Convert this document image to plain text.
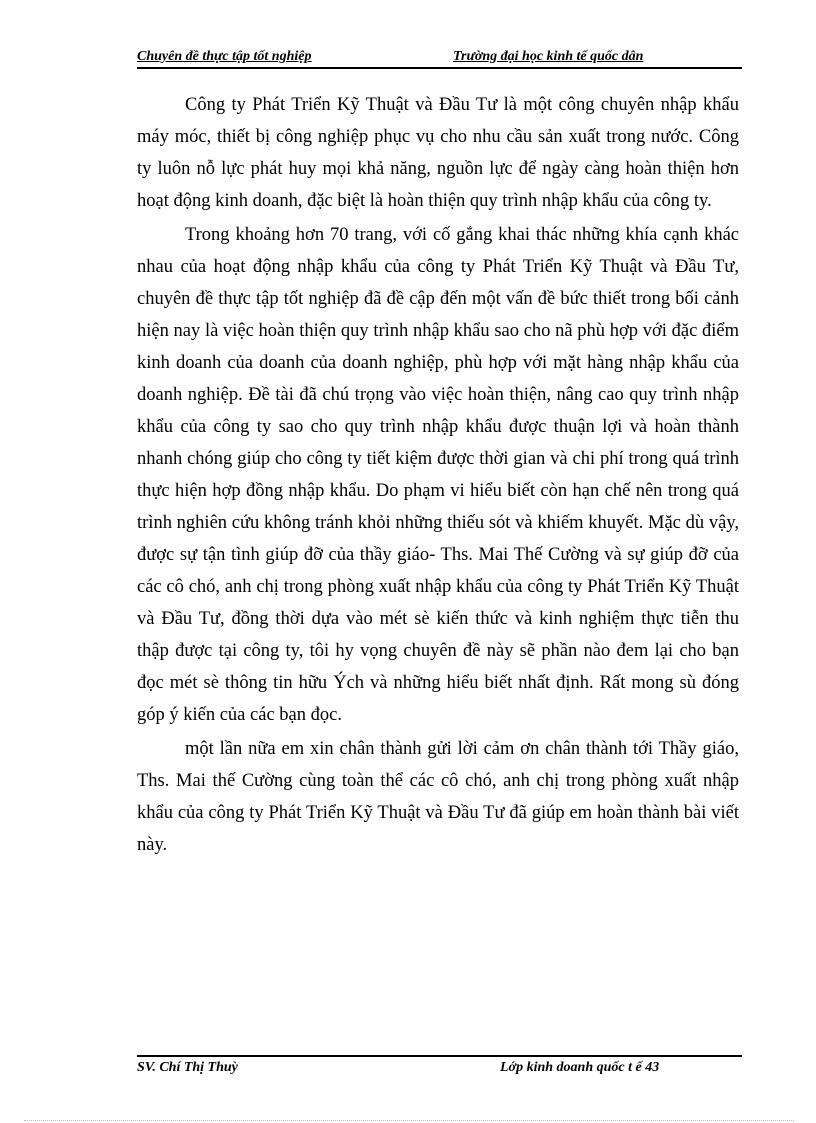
Chuyên đề thực tập tốt nghiệp	Trường đại học kinh tế quốc dân

Công ty Phát Triển Kỹ Thuật và Đầu Tư là một công chuyên nhập khẩu máy móc, thiết bị công nghiệp phục vụ cho nhu cầu sản xuất trong nước. Công ty luôn nỗ lực phát huy mọi khả năng, nguồn lực để ngày càng hoàn thiện hơn hoạt động kinh doanh, đặc biệt là hoàn thiện quy trình nhập khẩu của công ty.

Trong khoảng hơn 70 trang, với cố gắng khai thác những khía cạnh khác nhau của hoạt động nhập khẩu của công ty Phát Triển Kỹ Thuật và Đầu Tư, chuyên đề thực tập tốt nghiệp đã đề cập đến một vấn đề bức thiết trong bối cảnh hiện nay là việc hoàn thiện quy trình nhập khẩu sao cho nã phù hợp với đặc điểm kinh doanh của doanh của doanh nghiệp, phù hợp với mặt hàng nhập khẩu của doanh nghiệp. Đề tài đã chú trọng vào việc hoàn thiện, nâng cao quy trình nhập khẩu của công ty sao cho quy trình nhập khẩu được thuận lợi và hoàn thành nhanh chóng giúp cho công ty tiết kiệm được thời gian và chi phí trong quá trình thực hiện hợp đồng nhập khẩu. Do phạm vi hiểu biết còn hạn chế nên trong quá trình nghiên cứu không tránh khỏi những thiếu sót và khiếm khuyết. Mặc dù vậy, được sự tận tình giúp đỡ của thầy giáo- Ths. Mai Thế Cường và sự giúp đỡ của các cô chó, anh chị trong phòng xuất nhập khẩu của công ty Phát Triển Kỹ Thuật và Đầu Tư, đồng thời dựa vào mét sè kiến thức và kinh nghiệm thực tiễn thu thập được tại công ty, tôi hy vọng chuyên đề này sẽ phần nào đem lại cho bạn đọc mét sè thông tin hữu Ých và những hiểu biết nhất định. Rất mong sù đóng góp ý kiến của các bạn đọc.

một lần nữa em xin chân thành gửi lời cảm ơn chân thành tới Thầy giáo, Ths. Mai thế Cường cùng toàn thể các cô chó, anh chị trong phòng xuất nhập khẩu của công ty Phát Triển Kỹ Thuật và Đầu Tư đã giúp em hoàn thành bài viết này.

SV. Chí Thị Thuỳ	Lớp kinh doanh quốc t ế 43
